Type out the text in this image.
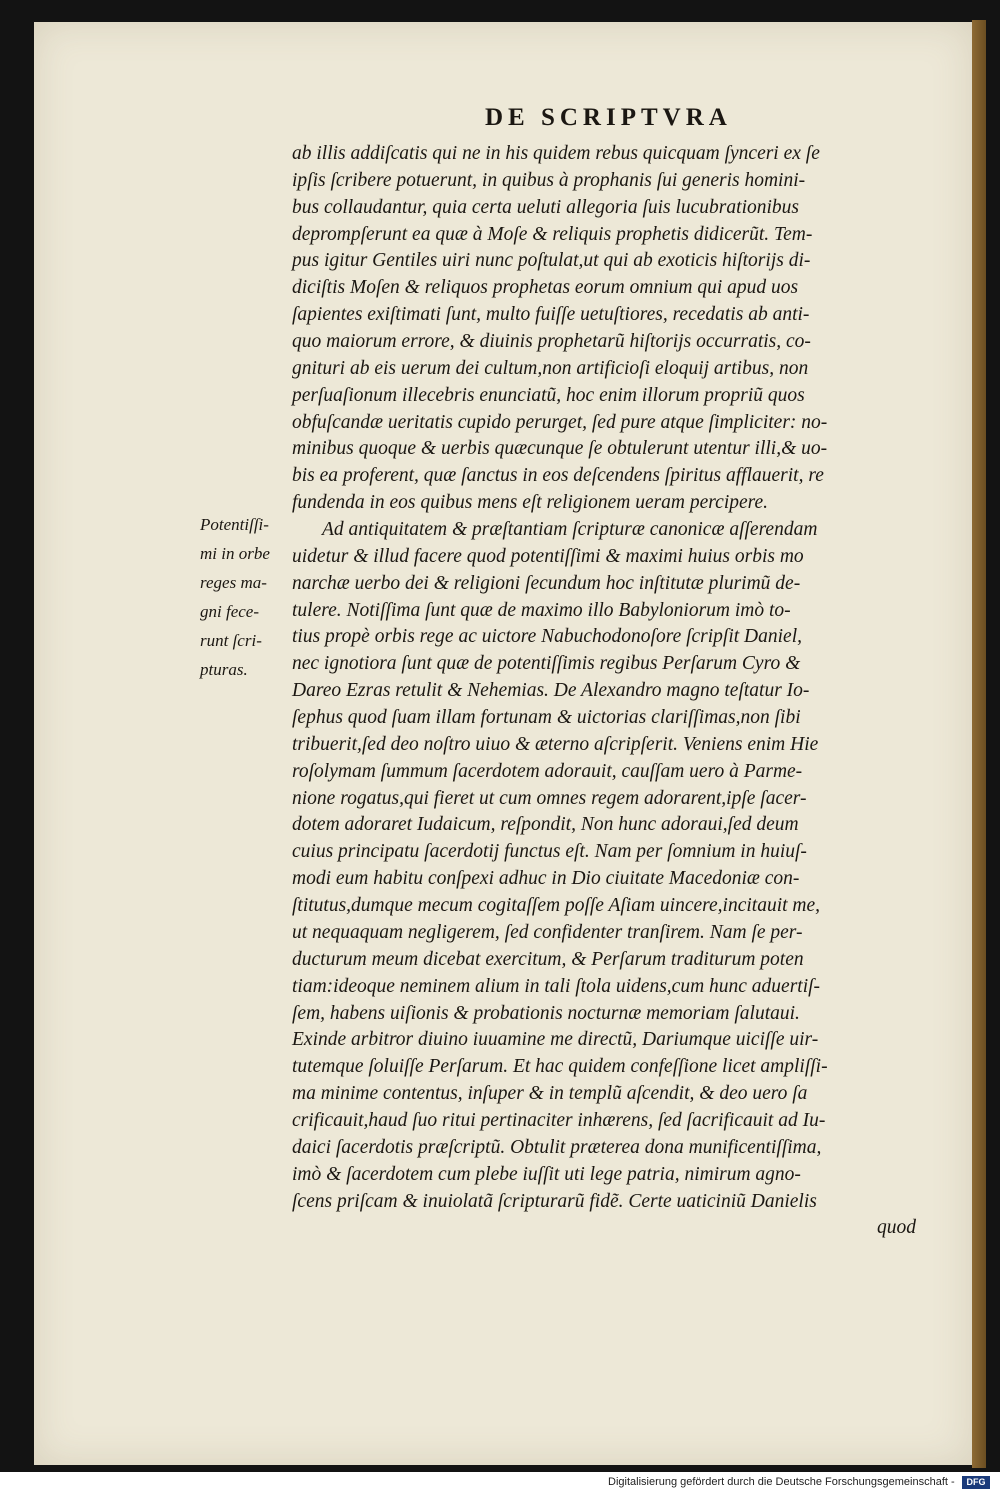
DE SCRIPTVRA
ab illis addiſcatis qui ne in his quidem rebus quicquam ſynceri ex ſe
ipſis ſcribere potuerunt, in quibus à prophanis ſui generis homini-
bus collaudantur, quia certa ueluti allegoria ſuis lucubrationibus
deprompſerunt ea quæ à Moſe & reliquis prophetis didicerũt. Tem-
pus igitur Gentiles uiri nunc poſtulat,ut qui ab exoticis hiſtorijs di-
diciſtis Moſen & reliquos prophetas eorum omnium qui apud uos
ſapientes exiſtimati ſunt, multo fuiſſe uetuſtiores, recedatis ab anti-
quo maiorum errore, & diuinis prophetarũ hiſtorijs occurratis, co-
gnituri ab eis uerum dei cultum,non artificioſi eloquij artibus, non
perſuaſionum illecebris enunciatũ, hoc enim illorum propriũ quos
obfuſcandæ ueritatis cupido perurget, ſed pure atque ſimpliciter: no-
minibus quoque & uerbis quæcunque ſe obtulerunt utentur illi,& uo-
bis ea proferent, quæ ſanctus in eos deſcendens ſpiritus afflauerit, re
fundenda in eos quibus mens eſt religionem ueram percipere.
Ad antiquitatem & præſtantiam ſcripturæ canonicæ aſſerendam
uidetur & illud facere quod potentiſſimi & maximi huius orbis mo
narchæ uerbo dei & religioni ſecundum hoc inſtitutæ plurimũ de-
tulere. Notiſſima ſunt quæ de maximo illo Babyloniorum imò to-
tius propè orbis rege ac uictore Nabuchodonoſore ſcripſit Daniel,
nec ignotiora ſunt quæ de potentiſſimis regibus Perſarum Cyro &
Dareo Ezras retulit & Nehemias. De Alexandro magno teſtatur Io-
ſephus quod ſuam illam fortunam & uictorias clariſſimas,non ſibi
tribuerit,ſed deo noſtro uiuo & æterno aſcripſerit. Veniens enim Hie
roſolymam ſummum ſacerdotem adorauit, cauſſam uero à Parme-
nione rogatus,qui fieret ut cum omnes regem adorarent,ipſe ſacer-
dotem adoraret Iudaicum, reſpondit, Non hunc adoraui,ſed deum
cuius principatu ſacerdotij functus eſt. Nam per ſomnium in huiuſ-
modi eum habitu conſpexi adhuc in Dio ciuitate Macedoniæ con-
ſtitutus,dumque mecum cogitaſſem poſſe Aſiam uincere,incitauit me,
ut nequaquam negligerem, ſed confidenter tranſirem. Nam ſe per-
ducturum meum dicebat exercitum, & Perſarum traditurum poten
tiam:ideoque neminem alium in tali ſtola uidens,cum hunc aduertiſ-
ſem, habens uiſionis & probationis nocturnæ memoriam ſalutaui.
Exinde arbitror diuino iuuamine me directũ, Dariumque uiciſſe uir-
tutemque ſoluiſſe Perſarum. Et hac quidem confeſſione licet ampliſſi-
ma minime contentus, inſuper & in templũ aſcendit, & deo uero ſa
crificauit,haud ſuo ritui pertinaciter inhærens, ſed ſacrificauit ad Iu-
daici ſacerdotis præſcriptũ. Obtulit præterea dona munificentiſſima,
imò & ſacerdotem cum plebe iuſſit uti lege patria, nimirum agno-
ſcens priſcam & inuiolatã ſcripturarũ fidẽ. Certe uaticiniũ Danielis
quod
Potentiſſi-
mi in orbe
reges ma-
gni fece-
runt ſcri-
pturas.
Digitalisierung gefördert durch die Deutsche Forschungsgemeinschaft -	DFG
